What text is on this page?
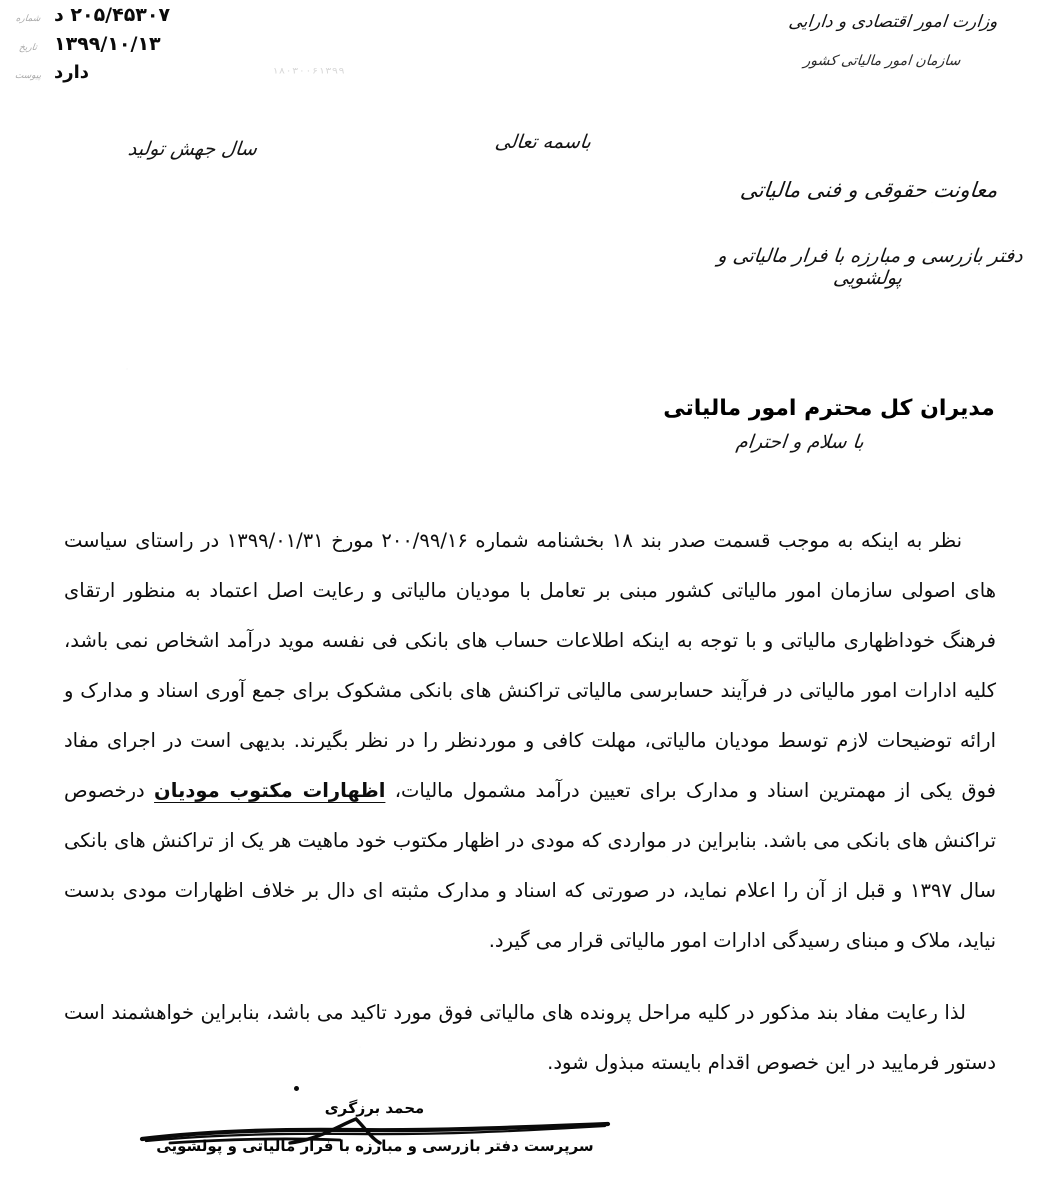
شماره ۲۰۵/۴۵۳۰۷ د
تاریخ ۱۳۹۹/۱۰/۱۳
پیوست دارد	۱۸۰۳۰۰۶۱۳۹۹
وزارت امور اقتصادی و دارایی
سازمان امور مالیاتی کشور
سال جهش تولید	باسمه تعالی
معاونت حقوقی و فنی مالیاتی
دفتر بازرسی و مبارزه با فرار مالیاتی و پولشویی
مدیران کل محترم امور مالیاتی
با سلام و احترام

نظر به اینکه به موجب قسمت صدر بند ۱۸ بخشنامه شماره ۲۰۰/۹۹/۱۶ مورخ ۱۳۹۹/۰۱/۳۱ در راستای سیاست های اصولی سازمان امور مالیاتی کشور مبنی بر تعامل با مودیان مالیاتی و رعایت اصل اعتماد به منظور ارتقای فرهنگ خوداظهاری مالیاتی و با توجه به اینکه اطلاعات حساب های بانکی فی نفسه موید درآمد اشخاص نمی باشد، کلیه ادارات امور مالیاتی در فرآیند حسابرسی مالیاتی تراکنش های بانکی مشکوک برای جمع آوری اسناد و مدارک و ارائه توضیحات لازم توسط مودیان مالیاتی، مهلت کافی و موردنظر را در نظر بگیرند. بدیهی است در اجرای مفاد فوق یکی از مهمترین اسناد و مدارک برای تعیین درآمد مشمول مالیات، اظهارات مکتوب مودیان درخصوص تراکنش های بانکی می باشد. بنابراین در مواردی که مودی در اظهار مکتوب خود ماهیت هر یک از تراکنش های بانکی سال ۱۳۹۷ و قبل از آن را اعلام نماید، در صورتی که اسناد و مدارک مثبته ای دال بر خلاف اظهارات مودی بدست نیاید، ملاک و مبنای رسیدگی ادارات امور مالیاتی قرار می گیرد.

لذا رعایت مفاد بند مذکور در کلیه مراحل پرونده های مالیاتی فوق مورد تاکید می باشد، بنابراین خواهشمند است دستور فرمایید در این خصوص اقدام بایسته مبذول شود.

محمد برزگری
سرپرست دفتر بازرسی و مبارزه با فرار مالیاتی و پولشویی
